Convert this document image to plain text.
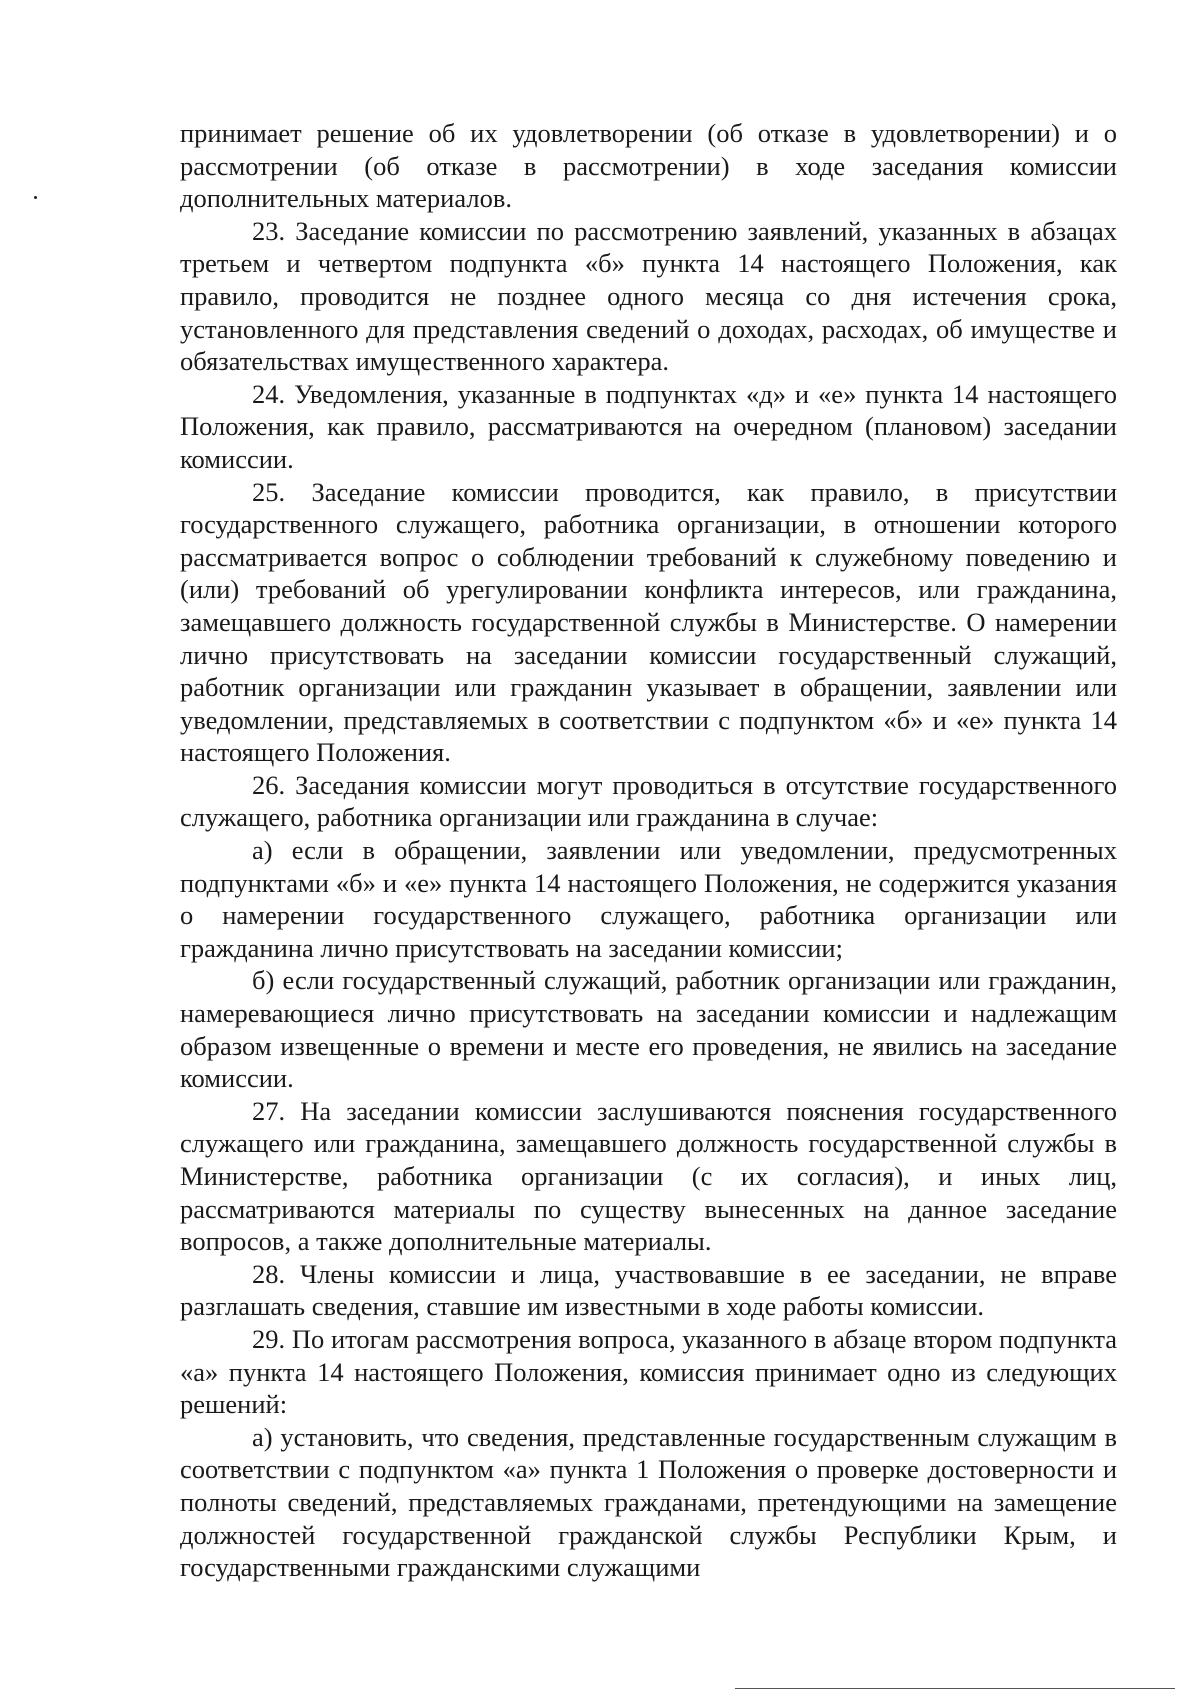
принимает решение об их удовлетворении (об отказе в удовлетворении) и о рассмотрении (об отказе в рассмотрении) в ходе заседания комиссии дополнительных материалов.

23. Заседание комиссии по рассмотрению заявлений, указанных в абзацах третьем и четвертом подпункта «б» пункта 14 настоящего Положения, как правило, проводится не позднее одного месяца со дня истечения срока, установленного для представления сведений о доходах, расходах, об имуществе и обязательствах имущественного характера.

24. Уведомления, указанные в подпунктах «д» и «е» пункта 14 настоящего Положения, как правило, рассматриваются на очередном (плановом) заседании комиссии.

25. Заседание комиссии проводится, как правило, в присутствии государственного служащего, работника организации, в отношении которого рассматривается вопрос о соблюдении требований к служебному поведению и (или) требований об урегулировании конфликта интересов, или гражданина, замещавшего должность государственной службы в Министерстве. О намерении лично присутствовать на заседании комиссии государственный служащий, работник организации или гражданин указывает в обращении, заявлении или уведомлении, представляемых в соответствии с подпунктом «б» и «е» пункта 14 настоящего Положения.

26. Заседания комиссии могут проводиться в отсутствие государственного служащего, работника организации или гражданина в случае:

а) если в обращении, заявлении или уведомлении, предусмотренных подпунктами «б» и «е» пункта 14 настоящего Положения, не содержится указания о намерении государственного служащего, работника организации или гражданина лично присутствовать на заседании комиссии;

б) если государственный служащий, работник организации или гражданин, намеревающиеся лично присутствовать на заседании комиссии и надлежащим образом извещенные о времени и месте его проведения, не явились на заседание комиссии.

27. На заседании комиссии заслушиваются пояснения государственного служащего или гражданина, замещавшего должность государственной службы в Министерстве, работника организации (с их согласия), и иных лиц, рассматриваются материалы по существу вынесенных на данное заседание вопросов, а также дополнительные материалы.

28. Члены комиссии и лица, участвовавшие в ее заседании, не вправе разглашать сведения, ставшие им известными в ходе работы комиссии.

29. По итогам рассмотрения вопроса, указанного в абзаце втором подпункта «а» пункта 14 настоящего Положения, комиссия принимает одно из следующих решений:

а) установить, что сведения, представленные государственным служащим в соответствии с подпунктом «а» пункта 1 Положения о проверке достоверности и полноты сведений, представляемых гражданами, претендующими на замещение должностей государственной гражданской службы Республики Крым, и государственными гражданскими служащими
